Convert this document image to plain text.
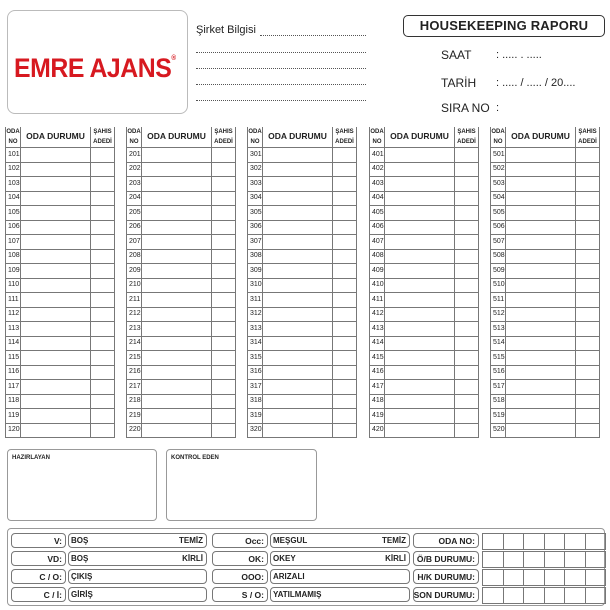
EMRE AJANS®
Şirket Bilgisi	HOUSEKEEPING RAPORU
SAAT : ..... . .....
TARİH : ..... / ..... / 20....
SIRA NO :
ODA NO	ODA DURUMU	ŞAHIS ADEDİ
101		
102		
103		
104		
105		
106		
107		
108		
109		
110		
111		
112		
113		
114		
115		
116		
117		
118		
119		
120		
ODA NO	ODA DURUMU	ŞAHIS ADEDİ
201		
202		
203		
204		
205		
206		
207		
208		
209		
210		
211		
212		
213		
214		
215		
216		
217		
218		
219		
220		
ODA NO	ODA DURUMU	ŞAHIS ADEDİ
301		
302		
303		
304		
305		
306		
307		
308		
309		
310		
311		
312		
313		
314		
315		
316		
317		
318		
319		
320		
ODA NO	ODA DURUMU	ŞAHIS ADEDİ
401		
402		
403		
404		
405		
406		
407		
408		
409		
410		
411		
412		
413		
414		
415		
416		
417		
418		
419		
420		
ODA NO	ODA DURUMU	ŞAHIS ADEDİ
501		
502		
503		
504		
505		
506		
507		
508		
509		
510		
511		
512		
513		
514		
515		
516		
517		
518		
519		
520		
HAZIRLAYAN	KONTROL EDEN
V: BOŞ	TEMİZ
VD: BOŞ	KİRLİ
C / O: ÇIKIŞ
C / İ: GİRİŞ
Occ: MEŞGUL	TEMİZ
OK: OKEY	KİRLİ
OOO: ARIZALI
S / O: YATILMAMIŞ
ODA NO:
Ö/B DURUMU:
H/K DURUMU:
SON DURUMU:
